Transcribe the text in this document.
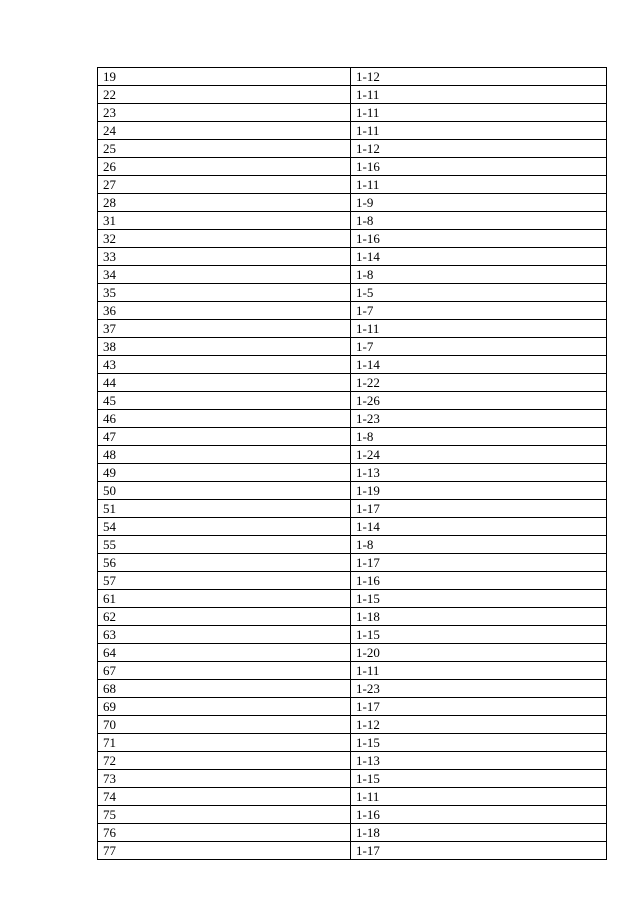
19	1-12
22	1-11
23	1-11
24	1-11
25	1-12
26	1-16
27	1-11
28	1-9
31	1-8
32	1-16
33	1-14
34	1-8
35	1-5
36	1-7
37	1-11
38	1-7
43	1-14
44	1-22
45	1-26
46	1-23
47	1-8
48	1-24
49	1-13
50	1-19
51	1-17
54	1-14
55	1-8
56	1-17
57	1-16
61	1-15
62	1-18
63	1-15
64	1-20
67	1-11
68	1-23
69	1-17
70	1-12
71	1-15
72	1-13
73	1-15
74	1-11
75	1-16
76	1-18
77	1-17
